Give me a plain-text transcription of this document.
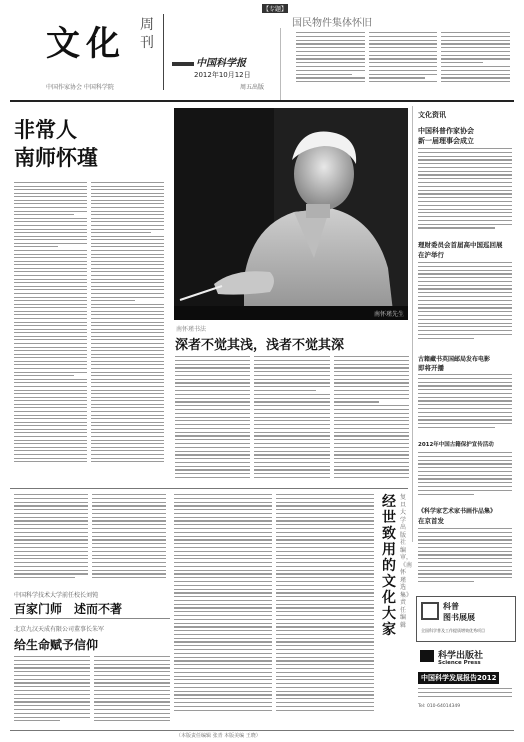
文化 周刊
中国作家协会 中国科学院
中国科学报
2012年10月12日
周五出版
【专题】
国民物件集体怀旧
非常人
南师怀瑾
南怀瑾先生
南怀瑾书法
深者不觉其浅，浅者不觉其深
文化资讯
中国科普作家协会
新一届理事会成立
理财委员会首届高中国巡回展
在沪举行
古籍藏书英国邮局发布电影
即将开播
2012年中国古籍保护宣传活动
《科学家艺术家书画作品集》
在京首发
中国科学技术大学前任校长刘钝
百家门师　述而不著
北京九汉天成有限公司董事长朱军
给生命赋予信仰
经世致用的文化大家
复旦大学出版社编审，《南怀瑾选集》责任编辑
科普
图书展展
全国科学普及工作提质增效优秀项目
科学出版社
Science Press
中国科学发展报告2012
Tel: 010-64014349
（本版责任编辑 张青 本版美编 王晓）
